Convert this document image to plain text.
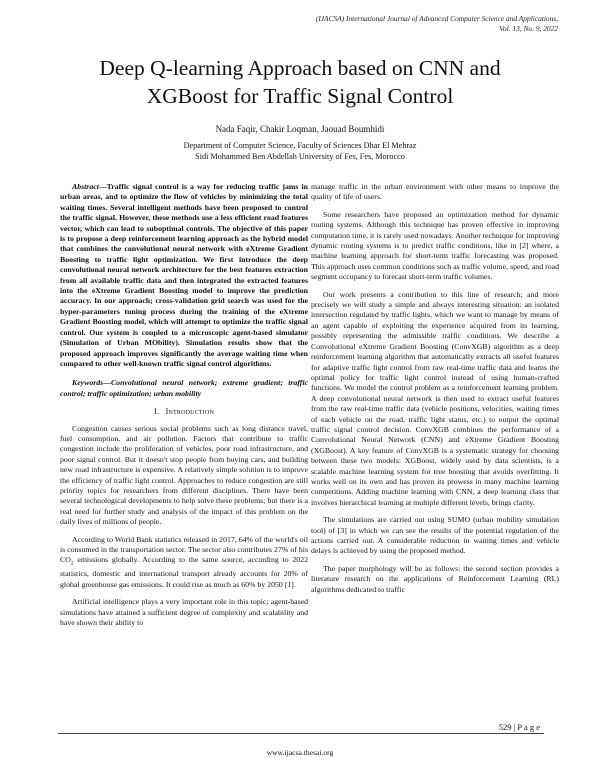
(IJACSA) International Journal of Advanced Computer Science and Applications,
Vol. 13, No. 9, 2022
Deep Q-learning Approach based on CNN and
XGBoost for Traffic Signal Control
Nada Faqir, Chakir Loqman, Jaouad Boumhidi
Department of Computer Science, Faculty of Sciences Dhar El Mehraz
Sidi Mohammed Ben Abdellah University of Fes, Fes, Morocco

Abstract—Traffic signal control is a way for reducing traffic jams in urban areas, and to optimize the flow of vehicles by minimizing the total waiting times. Several intelligent methods have been proposed to control the traffic signal. However, these methods use a less efficient road features vector, which can lead to suboptimal controls. The objective of this paper is to propose a deep reinforcement learning approach as the hybrid model that combines the convolutional neural network with eXtreme Gradient Boosting to traffic light optimization. We first introduce the deep convolutional neural network architecture for the best features extraction from all available traffic data and then integrated the extracted features into the eXtreme Gradient Boosting model to improve the prediction accuracy. In our approach; cross-validation grid search was used for the hyper-parameters tuning process during the training of the eXtreme Gradient Boosting model, which will attempt to optimize the traffic signal control. Our system is coupled to a microscopic agent-based simulator (Simulation of Urban MObility). Simulation results show that the proposed approach improves significantly the average waiting time when compared to other well-known traffic signal control algorithms.

Keywords—Convolutional neural network; extreme gradient; traffic control; traffic optimization; urban mobility

I. Introduction

Congestion causes serious social problems such as long distance travel, fuel consumption, and air pollution. Factors that contribute to traffic congestion include the proliferation of vehicles, poor road infrastructure, and poor signal control. But it doesn't stop people from buying cars, and building new road infrastructure is expensive. A relatively simple solution is to improve the efficiency of traffic light control. Approaches to reduce congestion are still priority topics for researchers from different disciplines. There have been several technological developments to help solve these problems; but there is a real need for further study and analysis of the impact of this problem on the daily lives of millions of people.

According to World Bank statistics released in 2017, 64% of the world's oil is consumed in the transportation sector. The sector also contributes 27% of his $CO_2$ emissions globally. According to the same source, according to 2022 statistics, domestic and international transport already accounts for 20% of global greenhouse gas emissions. It could rise as much as 60% by 2050 [1].

Artificial intelligence plays a very important role in this topic; agent-based simulations have attained a sufficient degree of complexity and scalability and have shown their ability to

manage traffic in the urban environment with other means to improve the quality of life of users.

Some researchers have proposed an optimization method for dynamic routing systems. Although this technique has proven effective in improving computation time, it is rarely used nowadays. Another technique for improving dynamic routing systems is to predict traffic conditions, like in [2] where, a machine learning approach for short-term traffic forecasting was proposed. This approach uses common conditions such as traffic volume, speed, and road segment occupancy to forecast short-term traffic volumes.

Our work presents a contribution to this line of research; and more precisely we will study a simple and always interesting situation: an isolated intersection regulated by traffic lights, which we want to manage by means of an agent capable of exploiting the experience acquired from its learning, possibly representing the admissible traffic conditions. We describe a Convolutional eXtreme Gradient Boosting (ConvXGB) algorithm as a deep reinforcement learning algorithm that automatically extracts all useful features for adaptive traffic light control from raw real-time traffic data and learns the optimal policy for traffic light control instead of using human-crafted functions. We model the control problem as a reinforcement learning problem. A deep convolutional neural network is then used to extract useful features from the raw real-time traffic data (vehicle positions, velocities, waiting times of each vehicle on the road, traffic light status, etc.) to output the optimal traffic signal control decision. ConvXGB combines the performance of a Convolutional Neural Network (CNN) and eXtreme Gradient Boosting (XGBoost). A key feature of ConvXGB is a systematic strategy for choosing between these two models: XGBoost, widely used by data scientists, is a scalable machine learning system for tree boosting that avoids overfitting. It works well on its own and has proven its prowess in many machine learning competitions. Adding machine learning with CNN, a deep learning class that involves hierarchical learning at multiple different levels, brings clarity.

The simulations are carried out using SUMO (urban mobility simulation tool) of [3] in which we can see the results of the potential regulation of the actions carried out. A considerable reduction in waiting times and vehicle delays is achieved by using the proposed method.

The paper morphology will be as follows: the second section provides a literature research on the applications of Reinforcement Learning (RL) algorithms dedicated to traffic

529 | P a g e
www.ijacsa.thesai.org
